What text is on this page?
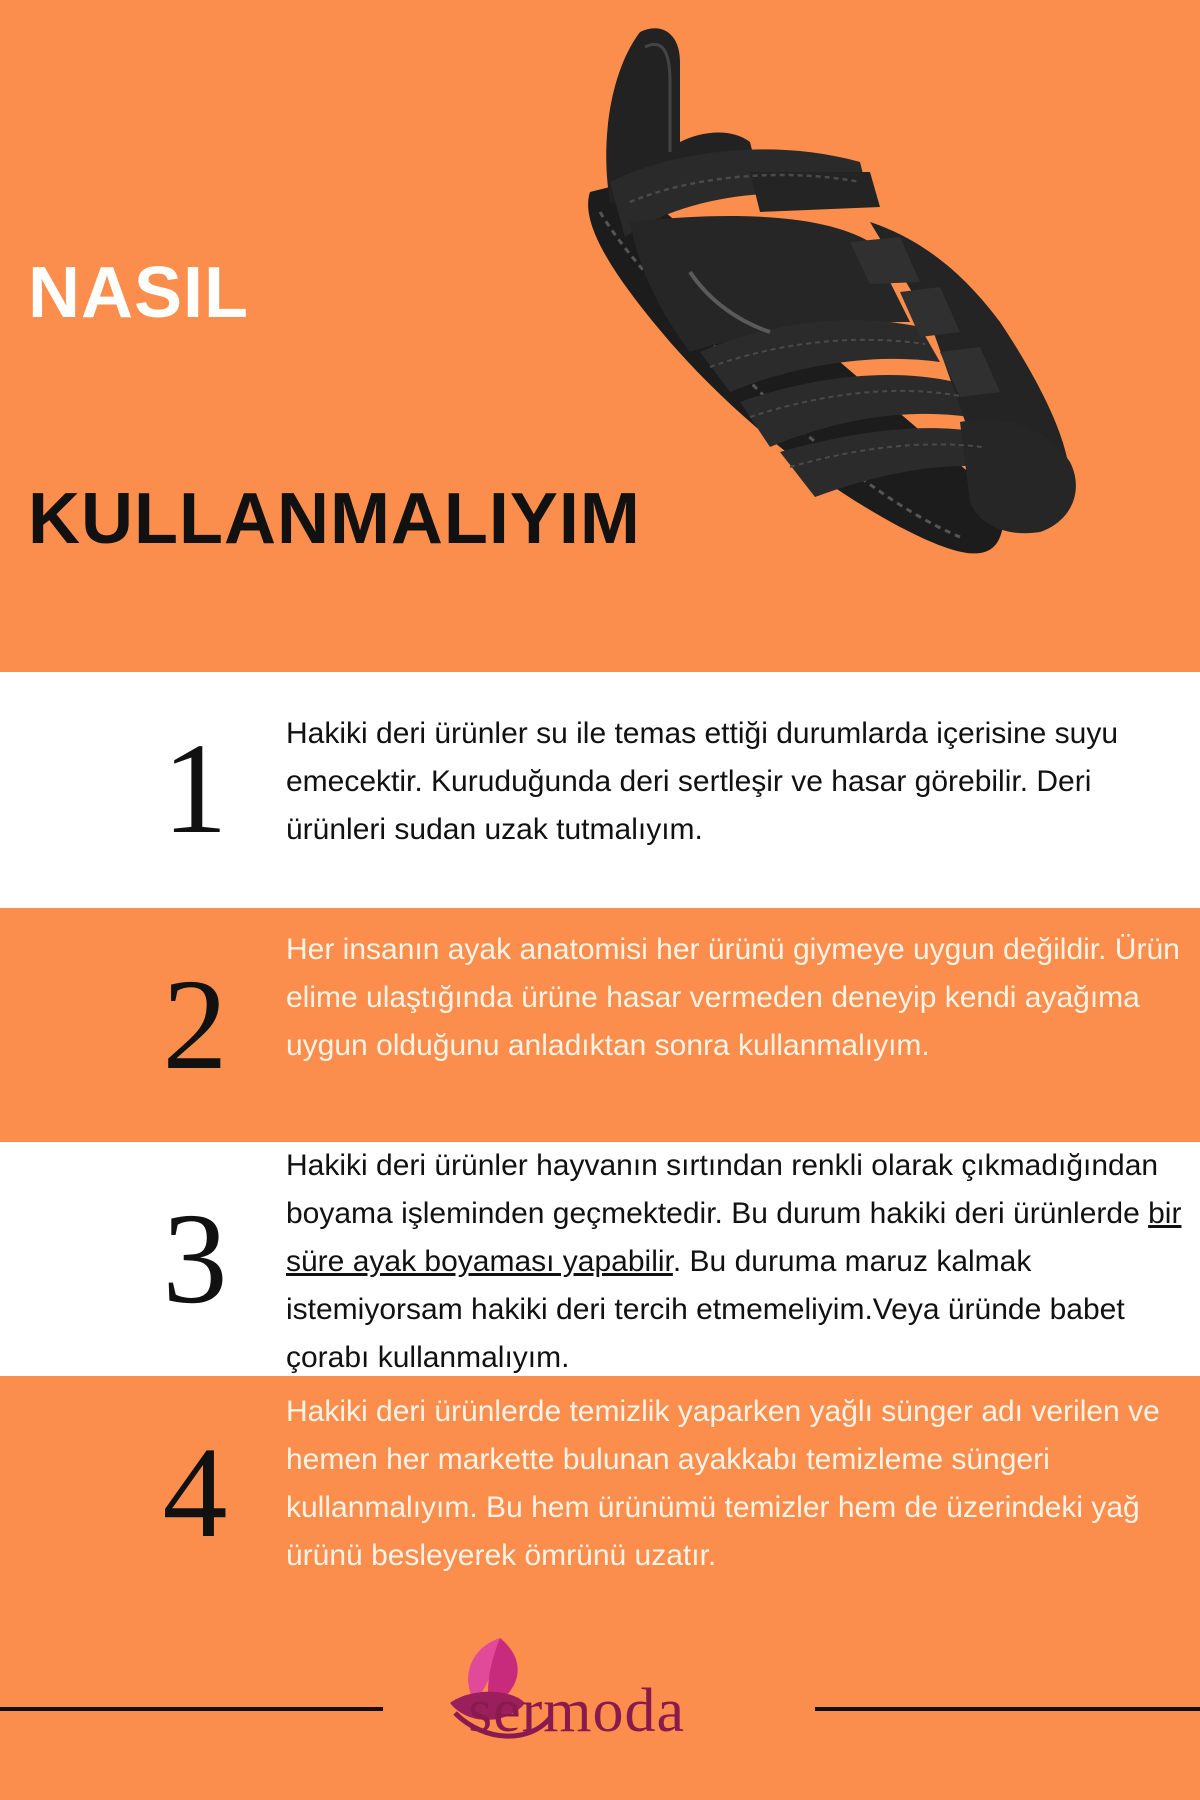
NASIL
KULLANMALIYIM
1	Hakiki deri ürünler su ile temas ettiği durumlarda içerisine suyu emecektir. Kuruduğunda deri sertleşir ve hasar görebilir. Deri ürünleri sudan uzak tutmalıyım.
2
Her insanın ayak anatomisi her ürünü giymeye uygun değildir. Ürün elime ulaştığında ürüne hasar vermeden deneyip kendi ayağıma uygun olduğunu anladıktan sonra kullanmalıyım.
3
Hakiki deri ürünler hayvanın sırtından renkli olarak çıkmadığından boyama işleminden geçmektedir. Bu durum hakiki deri ürünlerde bir süre ayak boyaması yapabilir. Bu duruma maruz kalmak istemiyorsam hakiki deri tercih etmemeliyim.Veya üründe babet çorabı kullanmalıyım.
4
Hakiki deri ürünlerde temizlik yaparken yağlı sünger adı verilen ve hemen her markette bulunan ayakkabı temizleme süngeri kullanmalıyım. Bu hem ürünümü temizler hem de üzerindeki yağ ürünü besleyerek ömrünü uzatır.
sermoda
